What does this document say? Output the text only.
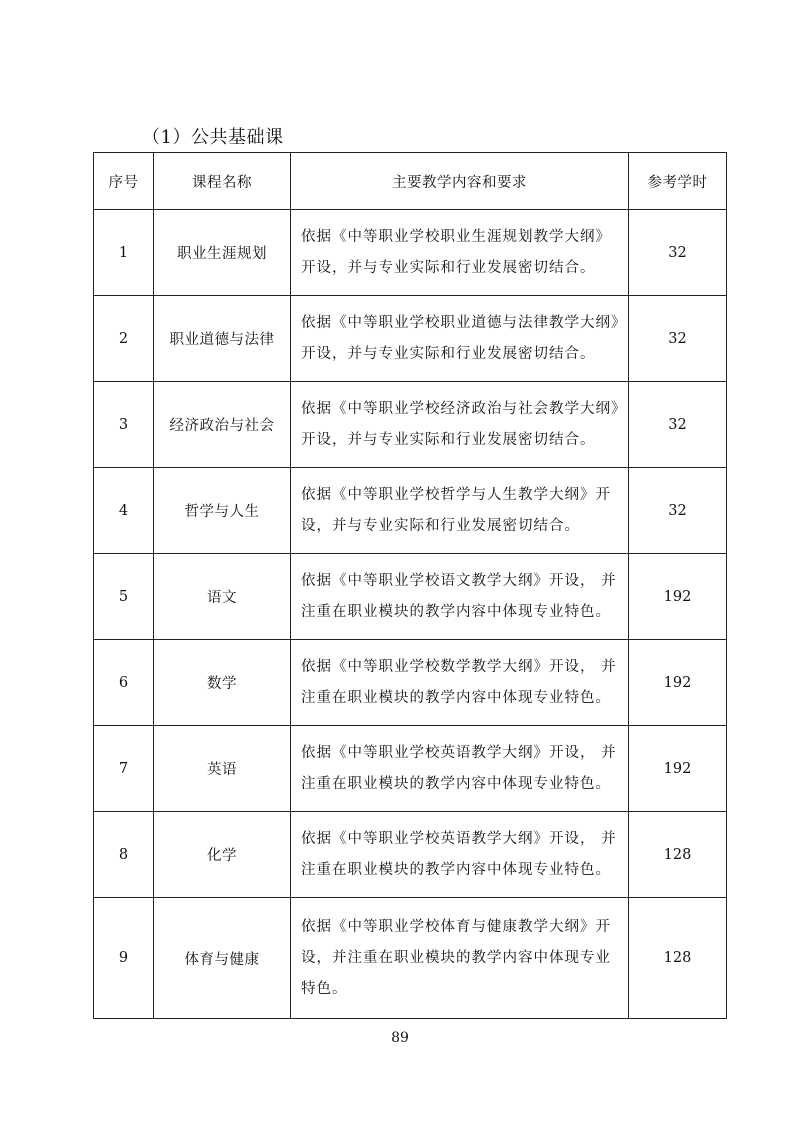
（1）公共基础课
序号	课程名称	主要教学内容和要求	参考学时
1	职业生涯规划	依据《中等职业学校职业生涯规划教学大纲》开设，并与专业实际和行业发展密切结合。	32
2	职业道德与法律	依据《中等职业学校职业道德与法律教学大纲》开设，并与专业实际和行业发展密切结合。	32
3	经济政治与社会	依据《中等职业学校经济政治与社会教学大纲》开设，并与专业实际和行业发展密切结合。	32
4	哲学与人生	依据《中等职业学校哲学与人生教学大纲》开设，并与专业实际和行业发展密切结合。	32
5	语文	依据《中等职业学校语文教学大纲》开设， 并注重在职业模块的教学内容中体现专业特色。	192
6	数学	依据《中等职业学校数学教学大纲》开设， 并注重在职业模块的教学内容中体现专业特色。	192
7	英语	依据《中等职业学校英语教学大纲》开设， 并注重在职业模块的教学内容中体现专业特色。	192
8	化学	依据《中等职业学校英语教学大纲》开设， 并注重在职业模块的教学内容中体现专业特色。	128
9	体育与健康	依据《中等职业学校体育与健康教学大纲》开设，并注重在职业模块的教学内容中体现专业特色。	128
89
